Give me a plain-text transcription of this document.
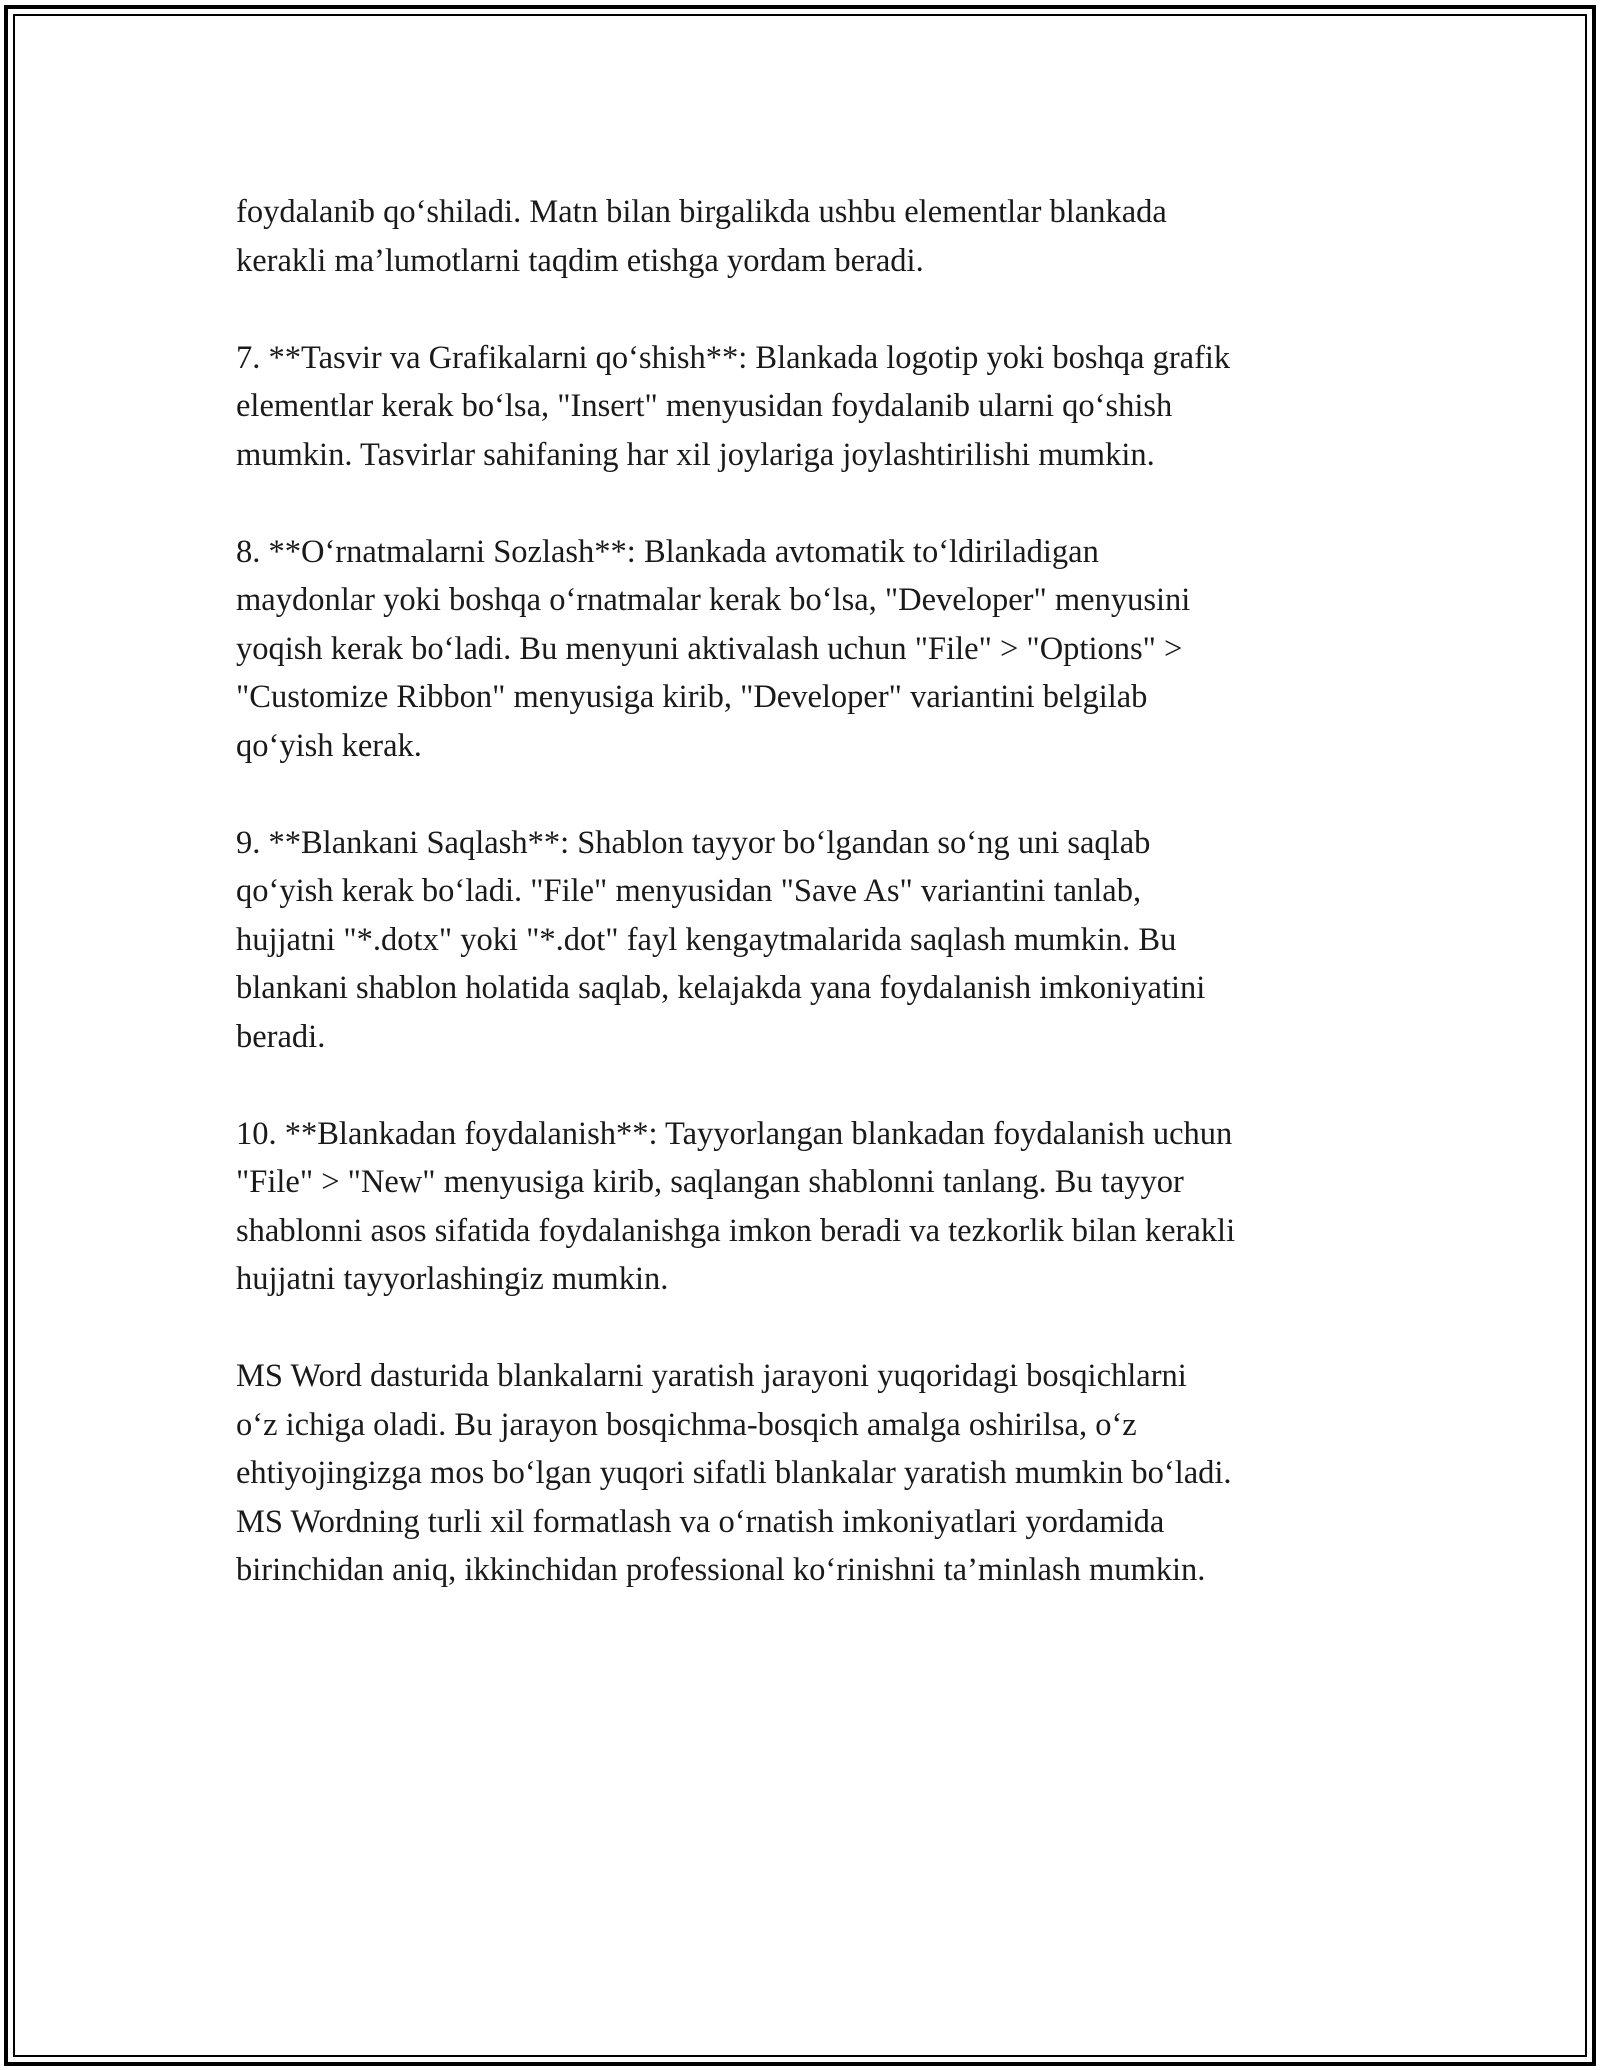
foydalanib qo‘shiladi. Matn bilan birgalikda ushbu elementlar blankada
kerakli ma’lumotlarni taqdim etishga yordam beradi.

7. **Tasvir va Grafikalarni qo‘shish**: Blankada logotip yoki boshqa grafik
elementlar kerak bo‘lsa, "Insert" menyusidan foydalanib ularni qo‘shish
mumkin. Tasvirlar sahifaning har xil joylariga joylashtirilishi mumkin.

8. **O‘rnatmalarni Sozlash**: Blankada avtomatik to‘ldiriladigan
maydonlar yoki boshqa o‘rnatmalar kerak bo‘lsa, "Developer" menyusini
yoqish kerak bo‘ladi. Bu menyuni aktivalash uchun "File" > "Options" >
"Customize Ribbon" menyusiga kirib, "Developer" variantini belgilab
qo‘yish kerak.

9. **Blankani Saqlash**: Shablon tayyor bo‘lgandan so‘ng uni saqlab
qo‘yish kerak bo‘ladi. "File" menyusidan "Save As" variantini tanlab,
hujjatni "*.dotx" yoki "*.dot" fayl kengaytmalarida saqlash mumkin. Bu
blankani shablon holatida saqlab, kelajakda yana foydalanish imkoniyatini
beradi.

10. **Blankadan foydalanish**: Tayyorlangan blankadan foydalanish uchun
"File" > "New" menyusiga kirib, saqlangan shablonni tanlang. Bu tayyor
shablonni asos sifatida foydalanishga imkon beradi va tezkorlik bilan kerakli
hujjatni tayyorlashingiz mumkin.

MS Word dasturida blankalarni yaratish jarayoni yuqoridagi bosqichlarni
o‘z ichiga oladi. Bu jarayon bosqichma-bosqich amalga oshirilsa, o‘z
ehtiyojingizga mos bo‘lgan yuqori sifatli blankalar yaratish mumkin bo‘ladi.
MS Wordning turli xil formatlash va o‘rnatish imkoniyatlari yordamida
birinchidan aniq, ikkinchidan professional ko‘rinishni ta’minlash mumkin.
